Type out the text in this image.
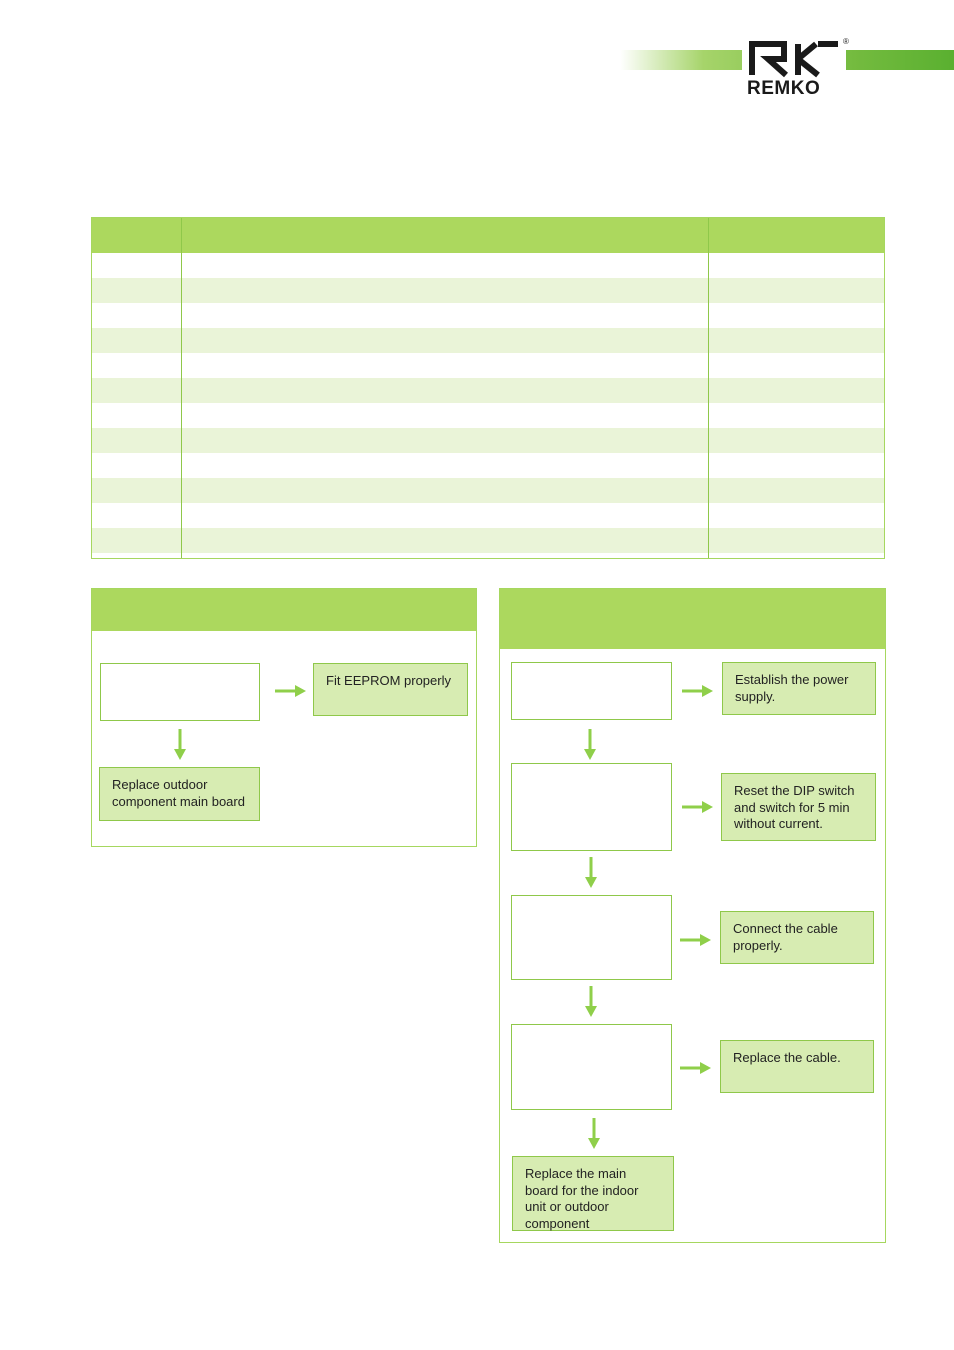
REMKO
®
Fit EEPROM properly
Replace outdoor component main board
Establish the power supply.
Reset the DIP switch and switch for 5 min without current.
Connect the cable properly.
Replace the cable.
Replace the main board for the indoor unit or outdoor component
